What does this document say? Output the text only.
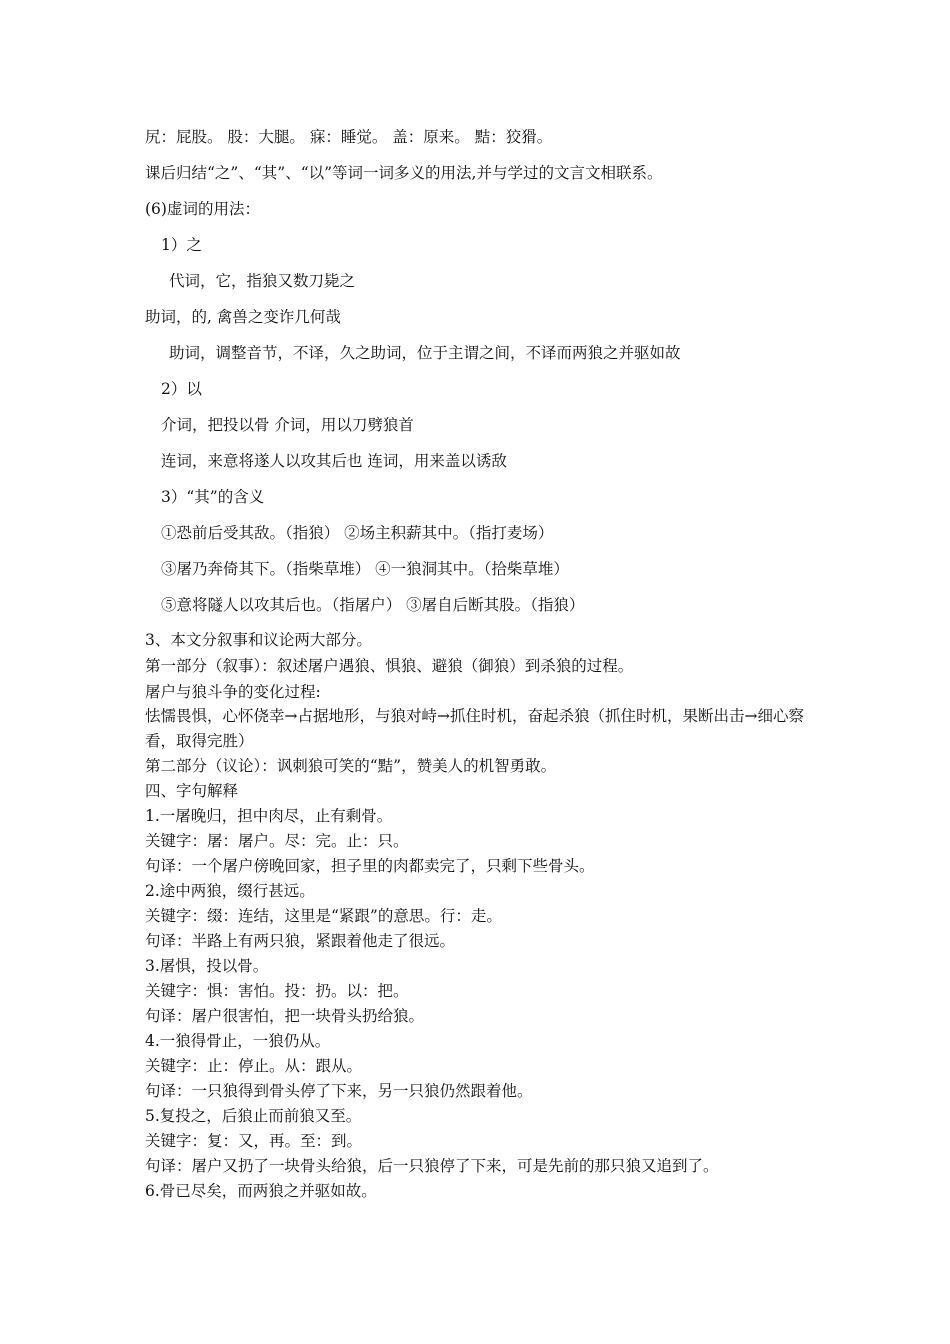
尻：屁股。 股：大腿。 寐：睡觉。 盖：原来。 黠：狡猾。
课后归结“之”、“其”、“以”等词一词多义的用法,并与学过的文言文相联系。
(6)虚词的用法：
1）之
代词，它，指狼又数刀毙之
助词，的, 禽兽之变诈几何哉
助词，调整音节，不译，久之助词，位于主谓之间，不译而两狼之并驱如故
2）以
介词，把投以骨 介词，用以刀劈狼首
连词，来意将遂人以攻其后也 连词，用来盖以诱敌
3）“其”的含义
①恐前后受其敌。（指狼） ②场主积薪其中。（指打麦场）
③屠乃奔倚其下。（指柴草堆） ④一狼洞其中。（拾柴草堆）
⑤意将隧人以攻其后也。（指屠户） ③屠自后断其股。（指狼）
3、本文分叙事和议论两大部分。
第一部分（叙事）：叙述屠户遇狼、惧狼、避狼（御狼）到杀狼的过程。
屠户与狼斗争的变化过程:
怯懦畏惧，心怀侥幸→占据地形，与狼对峙→抓住时机，奋起杀狼（抓住时机，果断出击→细心察看，取得完胜）
第二部分（议论）：讽刺狼可笑的“黠”，赞美人的机智勇敢。
四、字句解释
1.一屠晚归，担中肉尽，止有剩骨。
关键字：屠：屠户。尽：完。止：只。
句译：一个屠户傍晚回家，担子里的肉都卖完了，只剩下些骨头。
2.途中两狼，缀行甚远。
关键字：缀：连结，这里是“紧跟”的意思。行：走。
句译：半路上有两只狼，紧跟着他走了很远。
3.屠惧，投以骨。
关键字：惧：害怕。投：扔。以：把。
句译：屠户很害怕，把一块骨头扔给狼。
4.一狼得骨止，一狼仍从。
关键字：止：停止。从：跟从。
句译：一只狼得到骨头停了下来，另一只狼仍然跟着他。
5.复投之，后狼止而前狼又至。
关键字：复：又，再。至：到。
句译：屠户又扔了一块骨头给狼，后一只狼停了下来，可是先前的那只狼又追到了。
6.骨已尽矣，而两狼之并驱如故。
